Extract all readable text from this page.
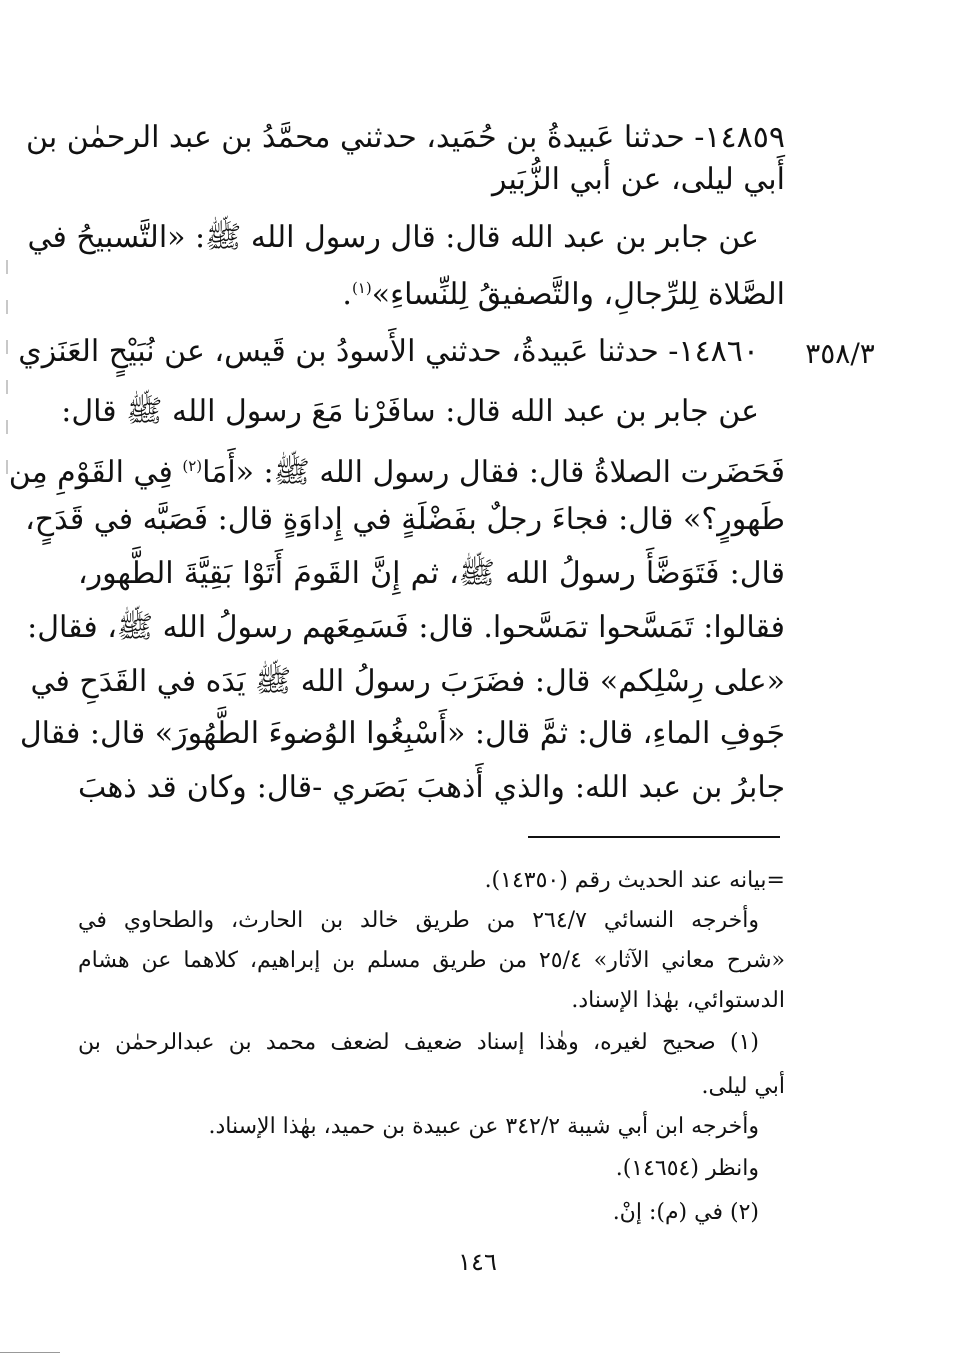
١٤٨٥٩- حدثنا عَبيدةُ بن حُمَيد، حدثني محمَّدُ بن عبد الرحمٰن بن
أَبي ليلى، عن أبي الزُّبَير
عن جابر بن عبد الله قال: قال رسول الله ﷺ: «التَّسبيحُ في
الصَّلاة لِلرِّجالِ، والتَّصفيقُ لِلنِّساءِ»$^{(١)}$.
٣٥٨/٣
١٤٨٦٠- حدثنا عَبيدةُ، حدثني الأَسودُ بن قَيس، عن نُبَيْحٍ العَنَزي
عن جابر بن عبد الله قال: سافَرْنا مَعَ رسول الله ﷺ قال:
فَحَضَرت الصلاةُ قال: فقال رسول الله ﷺ: «أَمَا$^{(٢)}$ فِي القَوْمِ مِن
طَهورٍ؟» قال: فجاءَ رجلٌ بفَضْلَةٍ في إِداوَةٍ قال: فَصَبَّه في قَدَحٍ،
قال: فَتَوَضَّأَ رسولُ الله ﷺ، ثم إِنَّ القَومَ أَتَوْا بَقِيَّةَ الطَّهور،
فقالوا: تَمَسَّحوا تمَسَّحوا. قال: فَسَمِعَهم رسولُ الله ﷺ، فقال:
«على رِسْلِكم» قال: فضَرَبَ رسولُ الله ﷺ يَدَه في القَدَحِ في
جَوفِ الماءِ، قال: ثمَّ قال: «أَسْبِغُوا الوُضوءَ الطَّهُورَ» قال: فقال
جابرُ بن عبد الله: والذي أَذهبَ بَصَري -قال: وكان قد ذهبَ
=بيانه عند الحديث رقم (١٤٣٥٠).
وأخرجه النسائي ٢٦٤/٧ من طريق خالد بن الحارث، والطحاوي في
«شرح معاني الآثار» ٢٥/٤ من طريق مسلم بن إبراهيم، كلاهما عن هشام
الدستوائي، بهٰذا الإسناد.
(١) صحيح لغيره، وهٰذا إسناد ضعيف لضعف محمد بن عبدالرحمٰن بن
أبي ليلى.
وأخرجه ابن أبي شيبة ٣٤٢/٢ عن عبيدة بن حميد، بهٰذا الإسناد.
وانظر (١٤٦٥٤).
(٢) في (م): إنْ.
١٤٦
